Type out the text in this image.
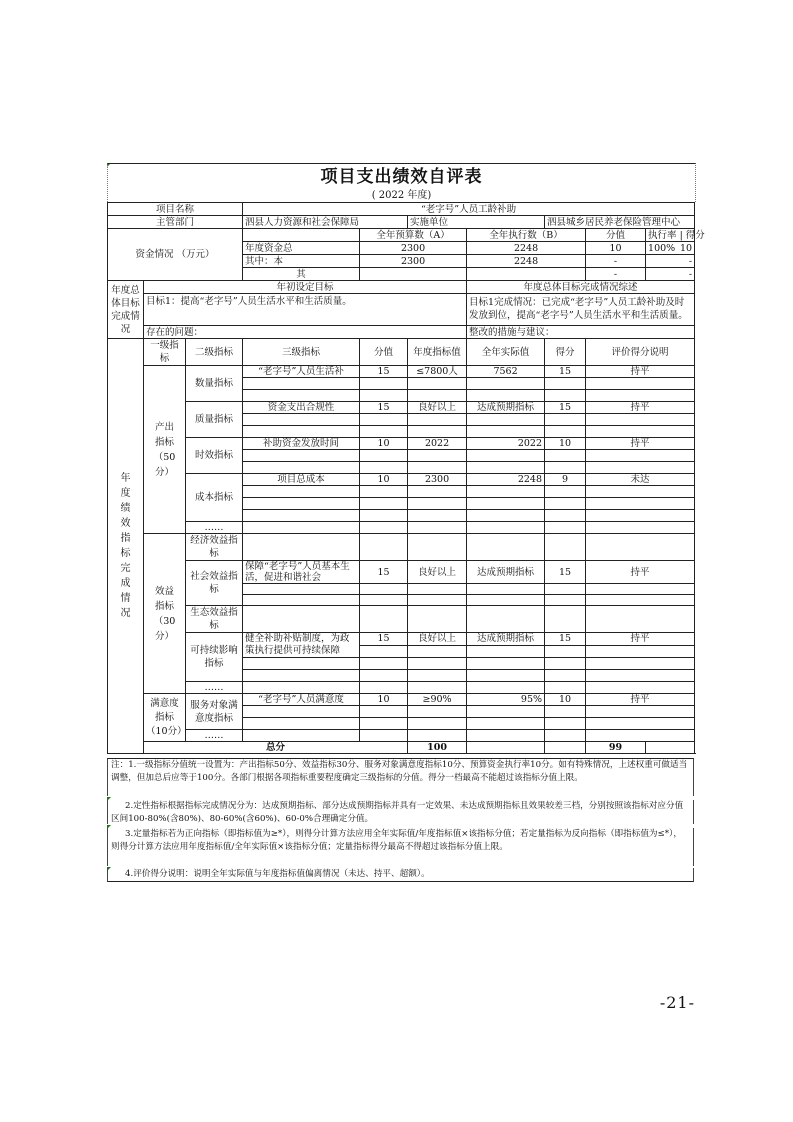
项目支出绩效自评表
( 2022 年度)
项目名称			“老字号”人员工龄补助						
主管部门			泗县人力资源和社会保障局		实施单位		泗县城乡居民养老保险管理中心		
资金情况 （万元）				全年预算数（A）		全年执行数（B）		分值	执行率 | 得分
			年度资金总	2300		2248		10	100% 10

			其中：本	2300		2248		-	-
			其					-	-
年度总体目标完成情况	年初设定目标					年度总体目标完成情况综述			
	目标1：提高“老字号”人员生活水平和生活质量。					目标1完成情况：已完成“老字号”人员工龄补助及时发放到位，提高“老字号”人员生活水平和生活质量。			
	存在的问题：					整改的措施与建议：			
年度绩效指标完成情况	一级指标	二级指标	三级指标	分值	年度指标值	全年实际值	得分	评价得分说明	
	产出指标（50分）	数量指标	“老字号”人员生活补	15	≤7800人	7562	15	持平	

		质量指标	资金支出合规性	15	良好以上	达成预期指标	15	持平	

		时效指标	补助资金发放时间	10	2022	2022	10	持平	

		成本指标	项目总成本	10	2300	2248	9	未达	

		……							
	效益指标（30分）	经济效益指标							
		社会效益指标	保障“老字号”人员基本生活，促进和谐社会	15	良好以上	达成预期指标	15	持平	

		生态效益指标							
		可持续影响指标	健全补助补贴制度，为政策执行提供可持续保障	15	良好以上	达成预期指标	15	持平	

		……							
	满意度指标（10分）	服务对象满意度指标	“老字号”人员满意度	10	≥90%	95%	10	持平	

		……							
	总分				100			99	
注：1.一级指标分值统一设置为：产出指标50分、效益指标30分、服务对象满意度指标10分、预算资金执行率10分。如有特殊情况，上述权重可做适当调整，但加总后应等于100分。各部门根据各项指标重要程度确定三级指标的分值。得分一档最高不能超过该指标分值上限。
2.定性指标根据指标完成情况分为：达成预期指标、部分达成预期指标并具有一定效果、未达成预期指标且效果较差三档，分别按照该指标对应分值区间100-80%(含80%)、80-60%(含60%)、60-0%合理确定分值。
3.定量指标若为正向指标（即指标值为≥*），则得分计算方法应用全年实际值/年度指标值×该指标分值；若定量指标为反向指标（即指标值为≤*），则得分计算方法应用年度指标值/全年实际值×该指标分值；定量指标得分最高不得超过该指标分值上限。
4.评价得分说明：说明全年实际值与年度指标值偏离情况（未达、持平、超额）。
-21-
